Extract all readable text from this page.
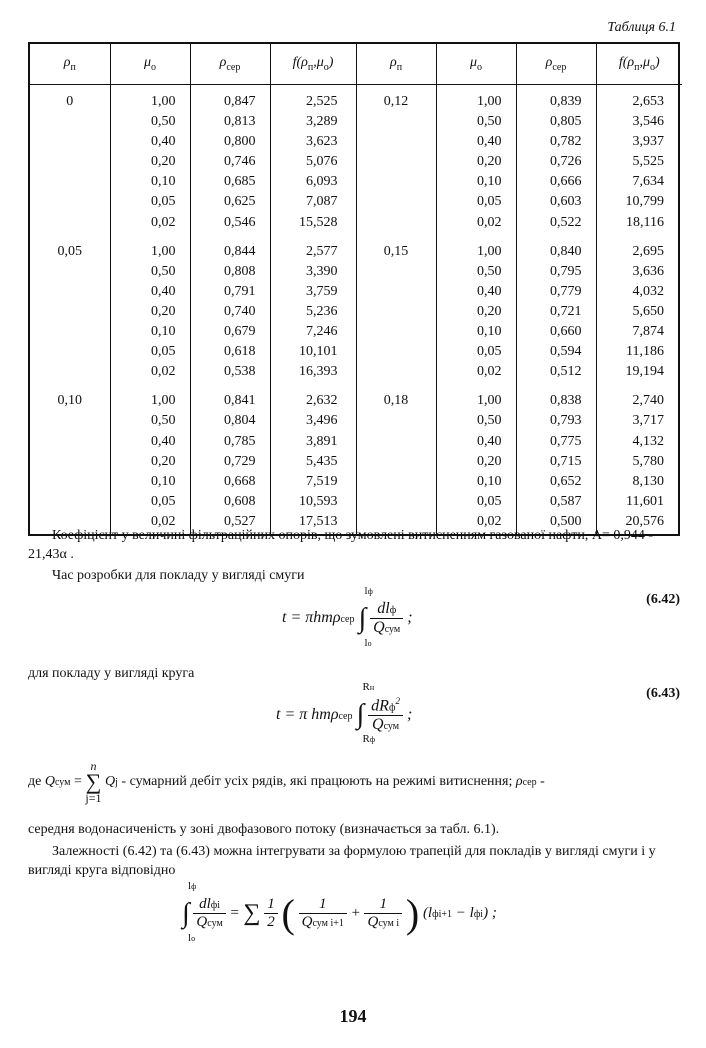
Таблиця 6.1
$\rho_п$	$\mu_о$	$\rho_{сер}$	$f(\rho_п,\mu_о)$	$\rho_п$	$\mu_о$	$\rho_{сер}$	$f(\rho_п,\mu_о)$
0	1,00	0,847	2,525	0,12	1,00	0,839	2,653
	0,50	0,813	3,289		0,50	0,805	3,546
	0,40	0,800	3,623		0,40	0,782	3,937
	0,20	0,746	5,076		0,20	0,726	5,525
	0,10	0,685	6,093		0,10	0,666	7,634
	0,05	0,625	7,087		0,05	0,603	10,799
	0,02	0,546	15,528		0,02	0,522	18,116
0,05	1,00	0,844	2,577	0,15	1,00	0,840	2,695
	0,50	0,808	3,390		0,50	0,795	3,636
	0,40	0,791	3,759		0,40	0,779	4,032
	0,20	0,740	5,236		0,20	0,721	5,650
	0,10	0,679	7,246		0,10	0,660	7,874
	0,05	0,618	10,101		0,05	0,594	11,186
	0,02	0,538	16,393		0,02	0,512	19,194
0,10	1,00	0,841	2,632	0,18	1,00	0,838	2,740
	0,50	0,804	3,496		0,50	0,793	3,717
	0,40	0,785	3,891		0,40	0,775	4,132
	0,20	0,729	5,435		0,20	0,715	5,780
	0,10	0,668	7,519		0,10	0,652	8,130
	0,05	0,608	10,593		0,05	0,587	11,601
	0,02	0,527	17,513		0,02	0,500	20,576
Коефіцієнт у величині фільтраційних опорів, що зумовлені витисненням газованої нафти, A= 0,944 - 21,43α .
Час розробки для покладу у вигляді смуги
t = πhmρсер ∫
lф
lо

$\frac{\text{dlф}}{\text{Qсум}}$ ;
(6.42)
для покладу у вигляді круга
t = π hmρсер ∫
Rн
Rф

$\frac{dRф^2}{\text{Qсум}}$ ;
(6.43)
де Qсум =
n
∑
j=1
Qj - сумарний дебіт усіх рядів, які працюють на режимі витиснення; ρсер -
середня водонасиченість у зоні двофазового потоку (визначається за табл. 6.1).
Залежності (6.42) та (6.43) можна інтегрувати за формулою трапецій для покладів у вигляді смуги і у вигляді круга відповідно
∫
lф
lо

$\frac{\text{dlфі}}{\text{Qсум}}$ = ∑ $\frac{1}{2}$ ( $\frac{1}{\text{Qсум і+1}} + \frac{1}{\text{Qсум і}}$ ) (lфі+1 − lфі) ;
194
